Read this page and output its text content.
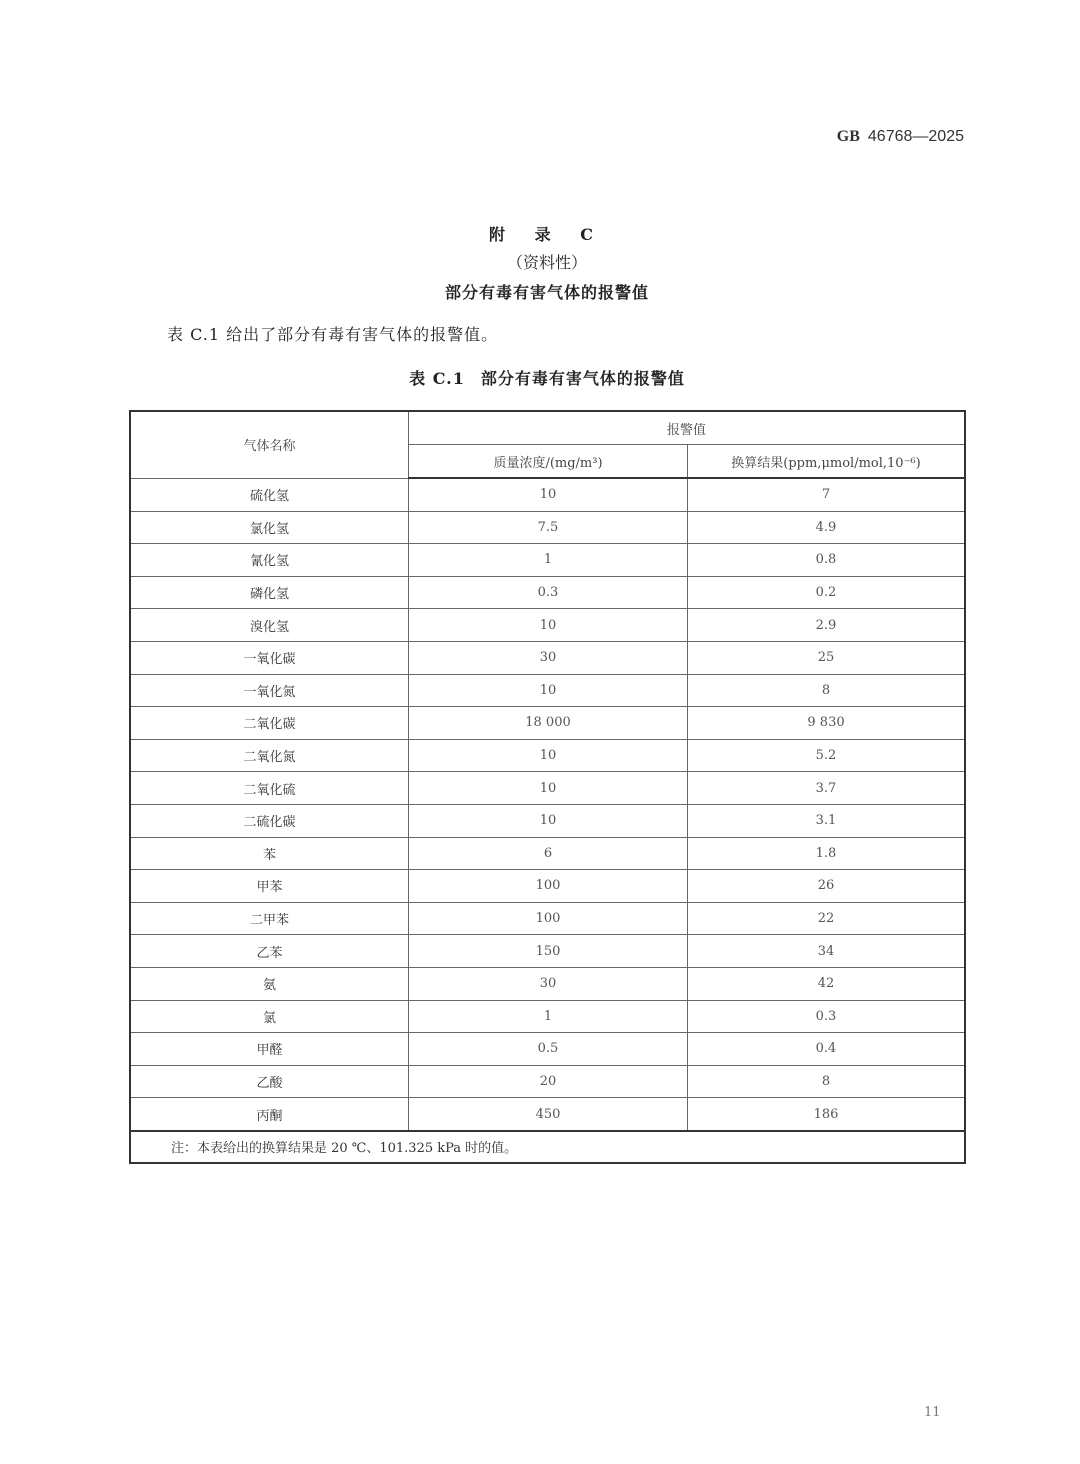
GB 46768—2025
附 录 C
（资料性）
部分有毒有害气体的报警值
表 C.1 给出了部分有毒有害气体的报警值。
表 C.1 部分有毒有害气体的报警值
气体名称	报警值	
	质量浓度/(mg/m³)	换算结果(ppm,μmol/mol,10⁻⁶)
硫化氢	10	7
氯化氢	7.5	4.9
氰化氢	1	0.8
磷化氢	0.3	0.2
溴化氢	10	2.9
一氧化碳	30	25
一氧化氮	10	8
二氧化碳	18 000	9 830
二氧化氮	10	5.2
二氧化硫	10	3.7
二硫化碳	10	3.1
苯	6	1.8
甲苯	100	26
二甲苯	100	22
乙苯	150	34
氨	30	42
氯	1	0.3
甲醛	0.5	0.4
乙酸	20	8
丙酮	450	186
注：本表给出的换算结果是 20 ℃、101.325 kPa 时的值。		
11
